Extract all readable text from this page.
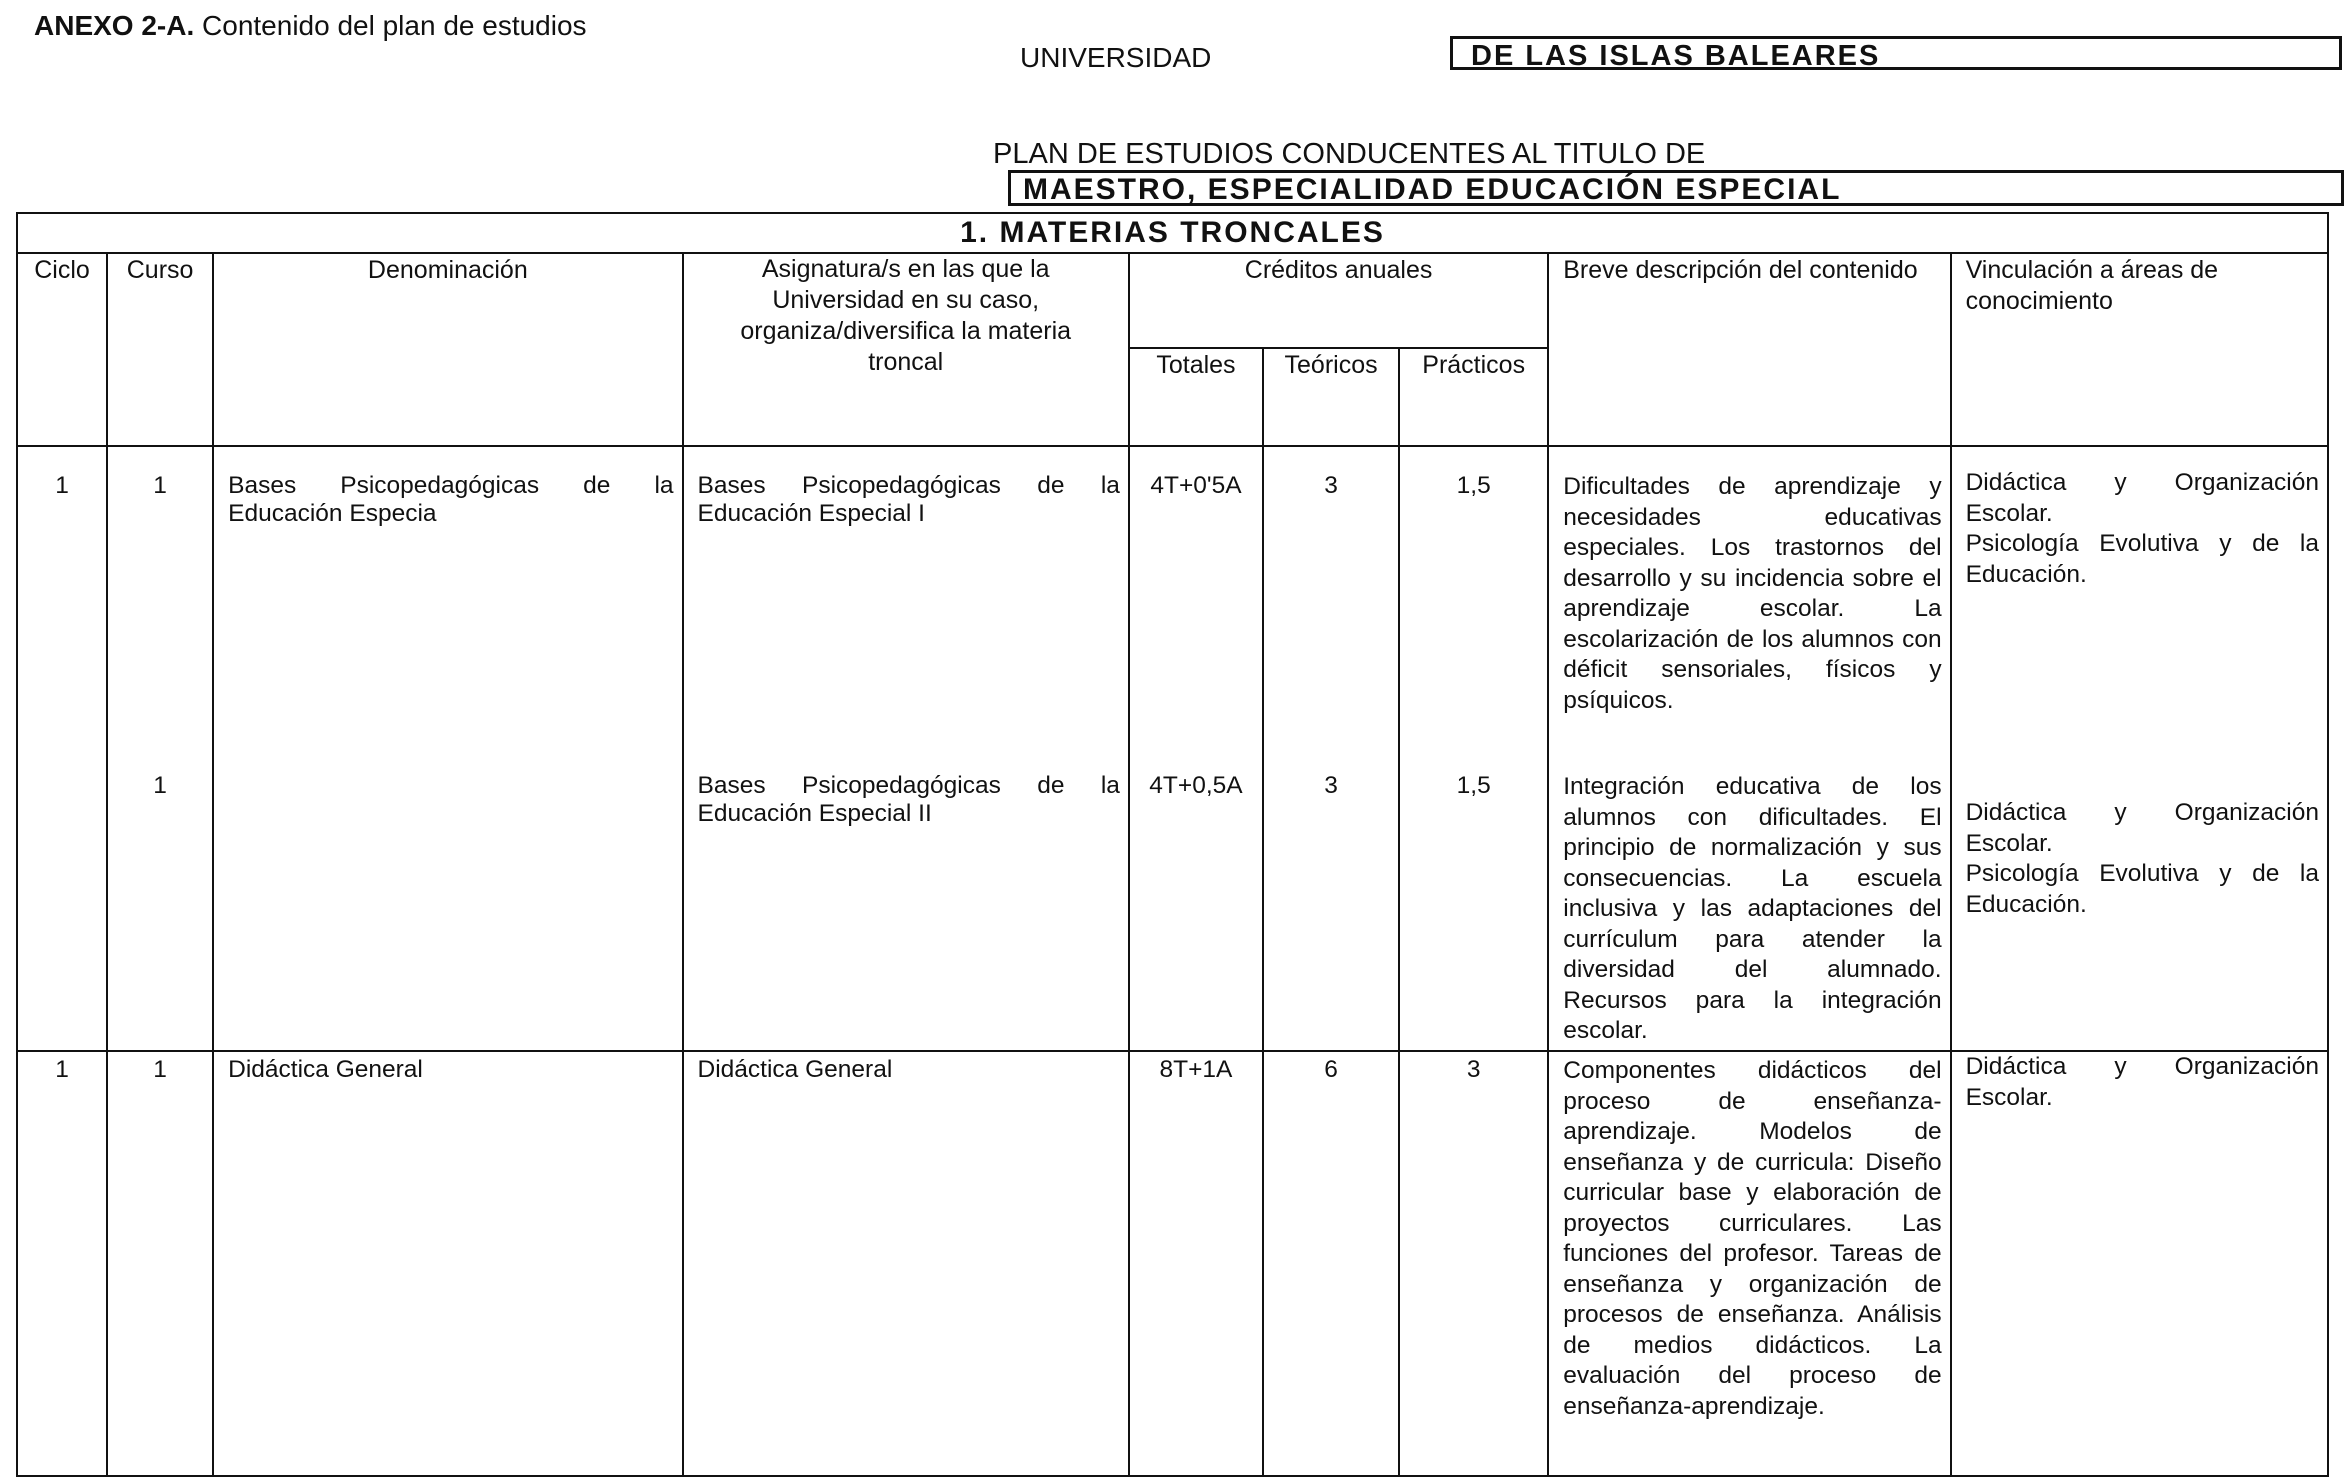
ANEXO 2-A. Contenido del plan de estudios
UNIVERSIDAD	DE LAS ISLAS BALEARES
PLAN DE ESTUDIOS CONDUCENTES AL TITULO DE
MAESTRO, ESPECIALIDAD EDUCACIÓN ESPECIAL
1. MATERIAS TRONCALES
Ciclo	Curso	Denominación	Asignatura/s en las que la Universidad en su caso, organiza/diversifica la materia troncal	Créditos anuales	Breve descripción del contenido	Vinculación a áreas de conocimiento
Totales	Teóricos	Prácticos

1	1	Bases Psicopedagógicas de la Educación Especia	Bases Psicopedagógicas de la Educación Especial I	4T+0'5A	3	1,5	Dificultades de aprendizaje y necesidades educativas especiales. Los trastornos del desarrollo y su incidencia sobre el aprendizaje escolar. La escolarización de los alumnos con déficit sensoriales, físicos y psíquicos.	

Didáctica y Organización Escolar.

Psicología Evolutiva y de la Educación.

	1		Bases Psicopedagógicas de la Educación Especial II	4T+0,5A	3	1,5	Integración educativa de los alumnos con dificultades. El principio de normalización y sus consecuencias. La escuela inclusiva y las adaptaciones del currículum para atender la diversidad del alumnado. Recursos para la integración escolar.	

Didáctica y Organización Escolar.

Psicología Evolutiva y de la Educación.

1	1	Didáctica General	Didáctica General	8T+1A	6	3	Componentes didácticos del proceso de enseñanza-aprendizaje. Modelos de enseñanza y de curricula: Diseño curricular base y elaboración de proyectos curriculares. Las funciones del profesor. Tareas de enseñanza y organización de procesos de enseñanza. Análisis de medios didácticos. La evaluación del proceso de enseñanza-aprendizaje.	

Didáctica y Organización Escolar.
